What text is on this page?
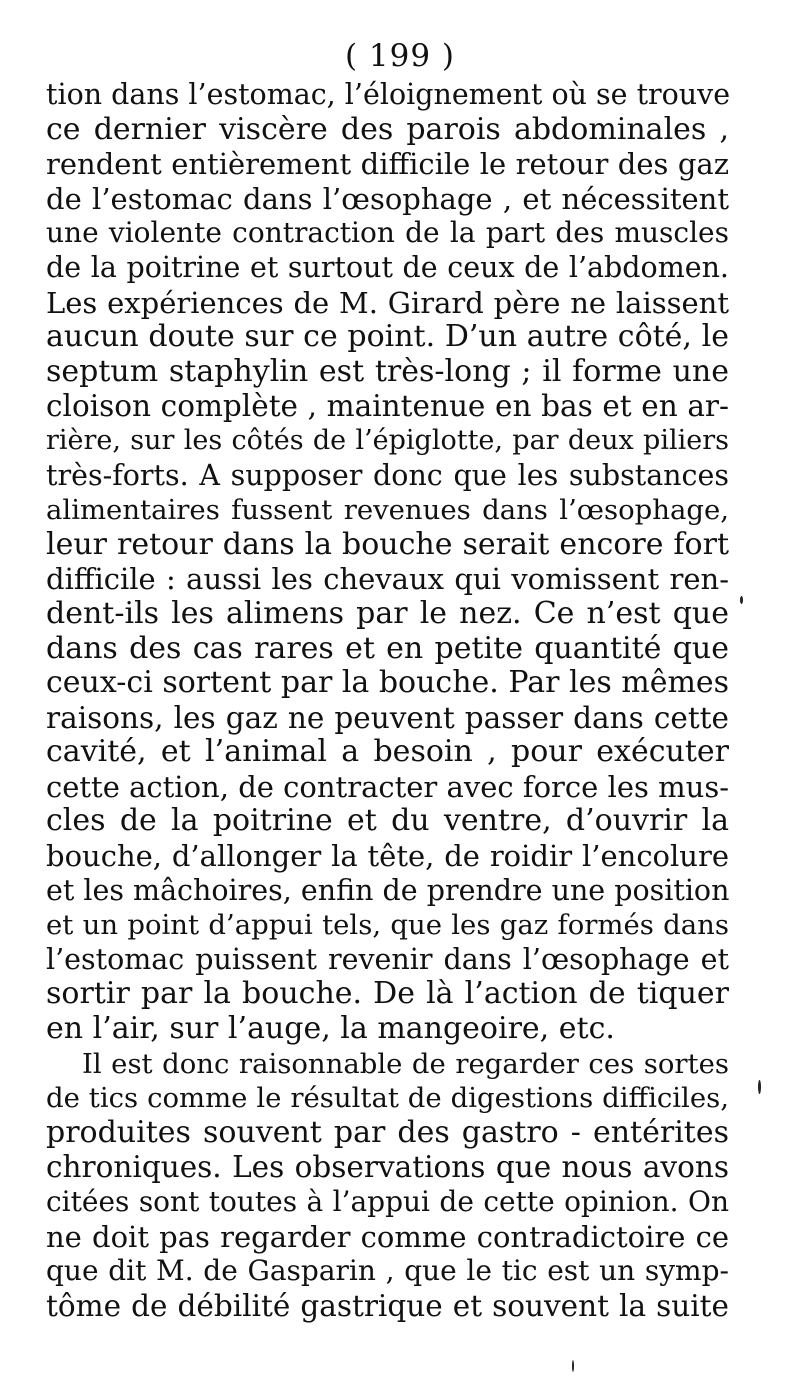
( 199 )
tion dans l’estomac, l’éloignement où se trouve
ce dernier viscère des parois abdominales ,
rendent entièrement difficile le retour des gaz
de l’estomac dans l’œsophage , et nécessitent
une violente contraction de la part des muscles
de la poitrine et surtout de ceux de l’abdomen.
Les expériences de M. Girard père ne laissent
aucun doute sur ce point. D’un autre côté, le
septum staphylin est très-long ; il forme une
cloison complète , maintenue en bas et en ar-
rière, sur les côtés de l’épiglotte, par deux piliers
très-forts. A supposer donc que les substances
alimentaires fussent revenues dans l’œsophage,
leur retour dans la bouche serait encore fort
difficile : aussi les chevaux qui vomissent ren-
dent-ils les alimens par le nez. Ce n’est que
dans des cas rares et en petite quantité que
ceux-ci sortent par la bouche. Par les mêmes
raisons, les gaz ne peuvent passer dans cette
cavité, et l’animal a besoin , pour exécuter
cette action, de contracter avec force les mus-
cles de la poitrine et du ventre, d’ouvrir la
bouche, d’allonger la tête, de roidir l’encolure
et les mâchoires, enfin de prendre une position
et un point d’appui tels, que les gaz formés dans
l’estomac puissent revenir dans l’œsophage et
sortir par la bouche. De là l’action de tiquer
en l’air, sur l’auge, la mangeoire, etc.
Il est donc raisonnable de regarder ces sortes
de tics comme le résultat de digestions difficiles,
produites souvent par des gastro - entérites
chroniques. Les observations que nous avons
citées sont toutes à l’appui de cette opinion. On
ne doit pas regarder comme contradictoire ce
que dit M. de Gasparin , que le tic est un symp-
tôme de débilité gastrique et souvent la suite
